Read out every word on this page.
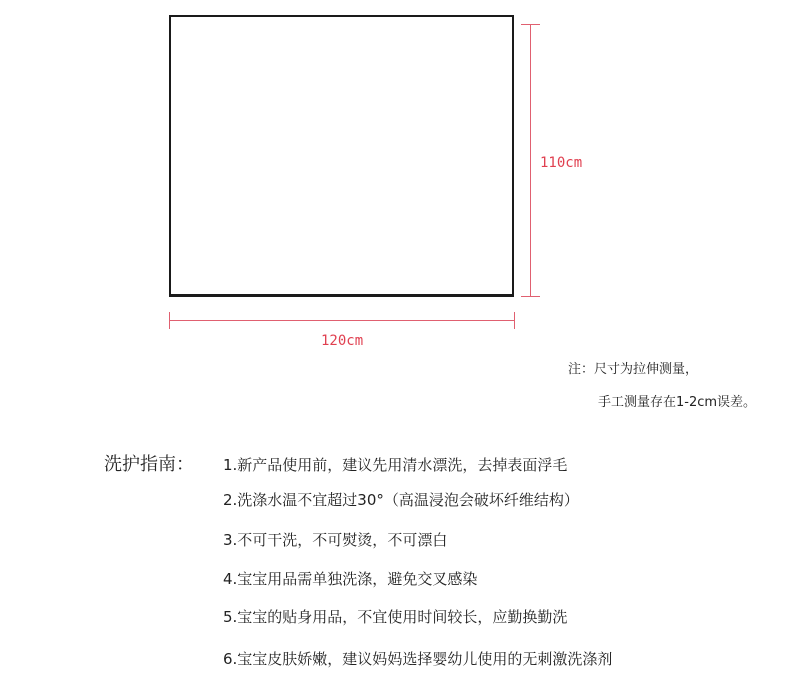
110cm
120cm
注：尺寸为拉伸测量，
手工测量存在1-2cm误差。
洗护指南： 1.新产品使用前，建议先用清水漂洗，去掉表面浮毛
2.洗涤水温不宜超过30°（高温浸泡会破坏纤维结构）
3.不可干洗，不可熨烫，不可漂白
4.宝宝用品需单独洗涤，避免交叉感染
5.宝宝的贴身用品，不宜使用时间较长，应勤换勤洗
6.宝宝皮肤娇嫩，建议妈妈选择婴幼儿使用的无刺激洗涤剂
